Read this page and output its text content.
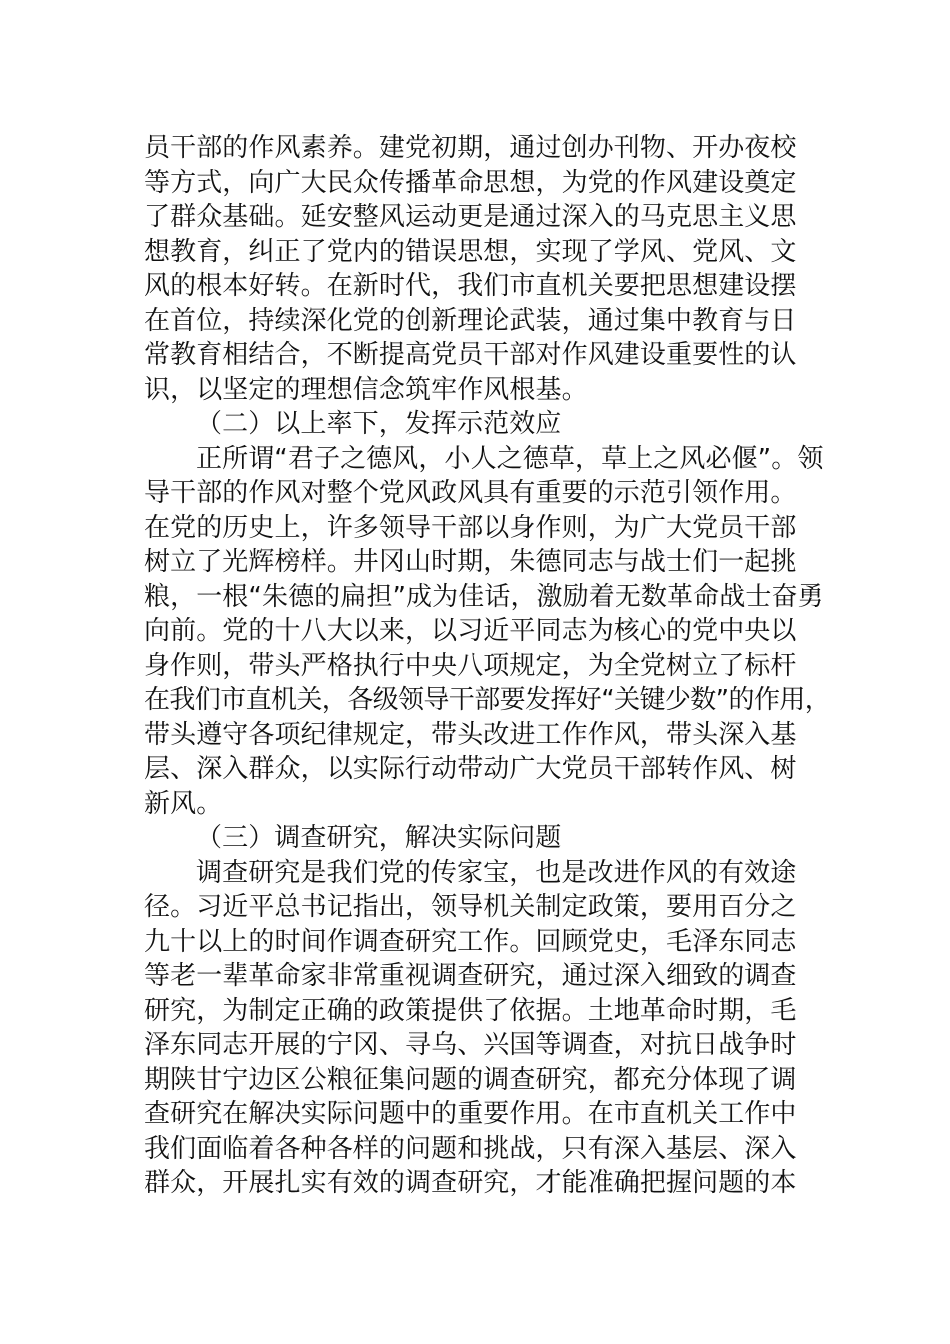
员干部的作风素养。建党初期，通过创办刊物、开办夜校

等方式，向广大民众传播革命思想，为党的作风建设奠定

了群众基础。延安整风运动更是通过深入的马克思主义思

想教育，纠正了党内的错误思想，实现了学风、党风、文

风的根本好转。在新时代，我们市直机关要把思想建设摆

在首位，持续深化党的创新理论武装，通过集中教育与日

常教育相结合，不断提高党员干部对作风建设重要性的认

识，以坚定的理想信念筑牢作风根基。

（二）以上率下，发挥示范效应

正所谓“君子之德风，小人之德草，草上之风必偃”。领

导干部的作风对整个党风政风具有重要的示范引领作用。

在党的历史上，许多领导干部以身作则，为广大党员干部

树立了光辉榜样。井冈山时期，朱德同志与战士们一起挑

粮，一根“朱德的扁担”成为佳话，激励着无数革命战士奋勇

向前。党的十八大以来，以习近平同志为核心的党中央以

身作则，带头严格执行中央八项规定，为全党树立了标杆

在我们市直机关，各级领导干部要发挥好“关键少数”的作用，

带头遵守各项纪律规定，带头改进工作作风，带头深入基

层、深入群众，以实际行动带动广大党员干部转作风、树

新风。

（三）调查研究，解决实际问题

调查研究是我们党的传家宝，也是改进作风的有效途

径。习近平总书记指出，领导机关制定政策，要用百分之

九十以上的时间作调查研究工作。回顾党史，毛泽东同志

等老一辈革命家非常重视调查研究，通过深入细致的调查

研究，为制定正确的政策提供了依据。土地革命时期，毛

泽东同志开展的宁冈、寻乌、兴国等调查，对抗日战争时

期陕甘宁边区公粮征集问题的调查研究，都充分体现了调

查研究在解决实际问题中的重要作用。在市直机关工作中

我们面临着各种各样的问题和挑战，只有深入基层、深入

群众，开展扎实有效的调查研究，才能准确把握问题的本
